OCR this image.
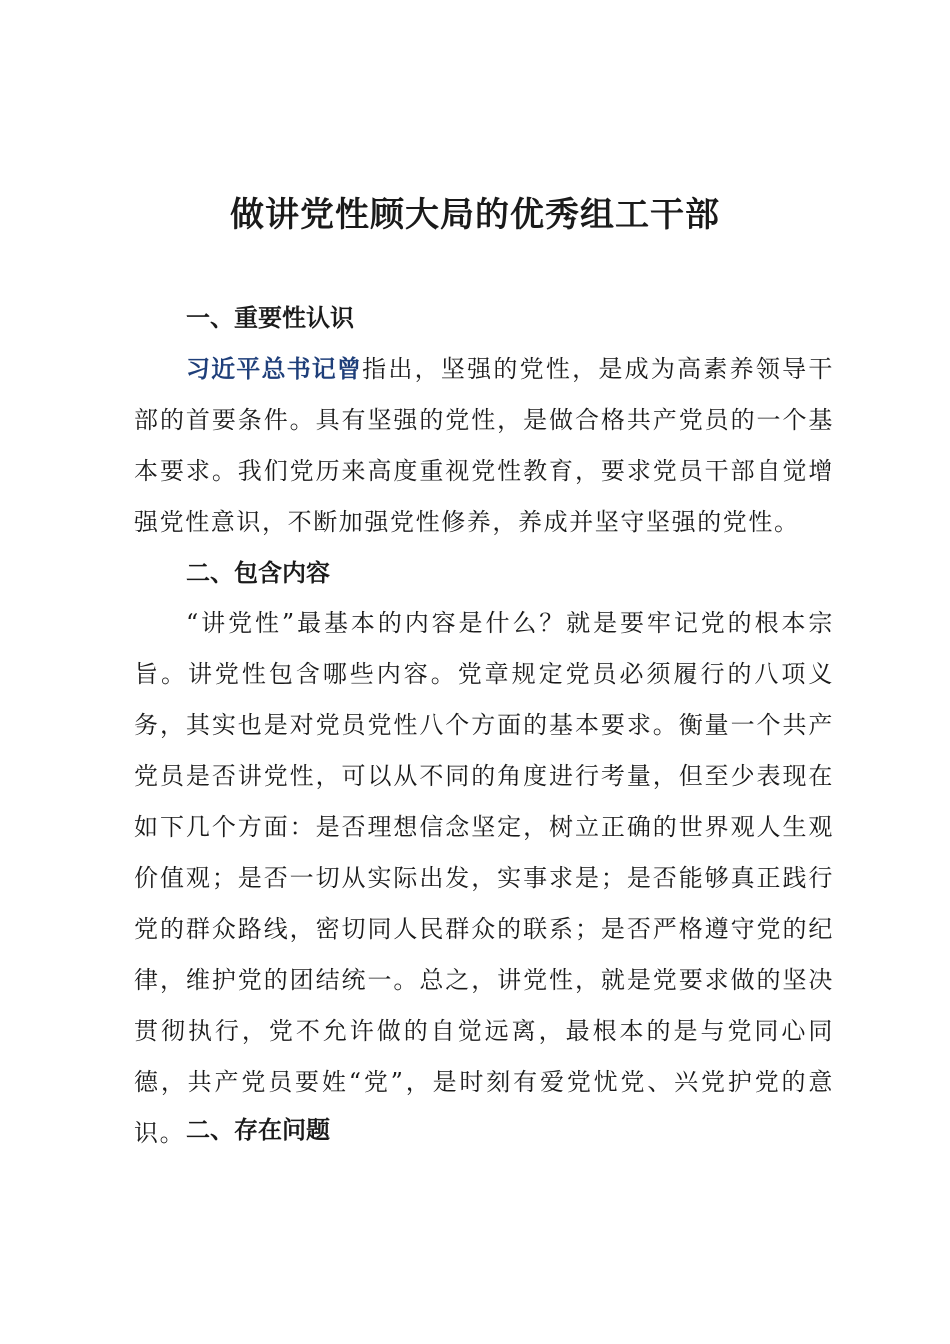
做讲党性顾大局的优秀组工干部
一、重要性认识
习近平总书记曾指出，坚强的党性，是成为高素养领导干部的首要条件。具有坚强的党性，是做合格共产党员的一个基本要求。我们党历来高度重视党性教育，要求党员干部自觉增强党性意识，不断加强党性修养，养成并坚守坚强的党性。
二、包含内容
“讲党性”最基本的内容是什么？就是要牢记党的根本宗旨。讲党性包含哪些内容。党章规定党员必须履行的八项义务，其实也是对党员党性八个方面的基本要求。衡量一个共产党员是否讲党性，可以从不同的角度进行考量，但至少表现在如下几个方面：是否理想信念坚定，树立正确的世界观人生观价值观；是否一切从实际出发，实事求是；是否能够真正践行党的群众路线，密切同人民群众的联系；是否严格遵守党的纪律，维护党的团结统一。总之，讲党性，就是党要求做的坚决贯彻执行，党不允许做的自觉远离，最根本的是与党同心同德，共产党员要姓“党”，是时刻有爱党忧党、兴党护党的意识。 二、存在问题
